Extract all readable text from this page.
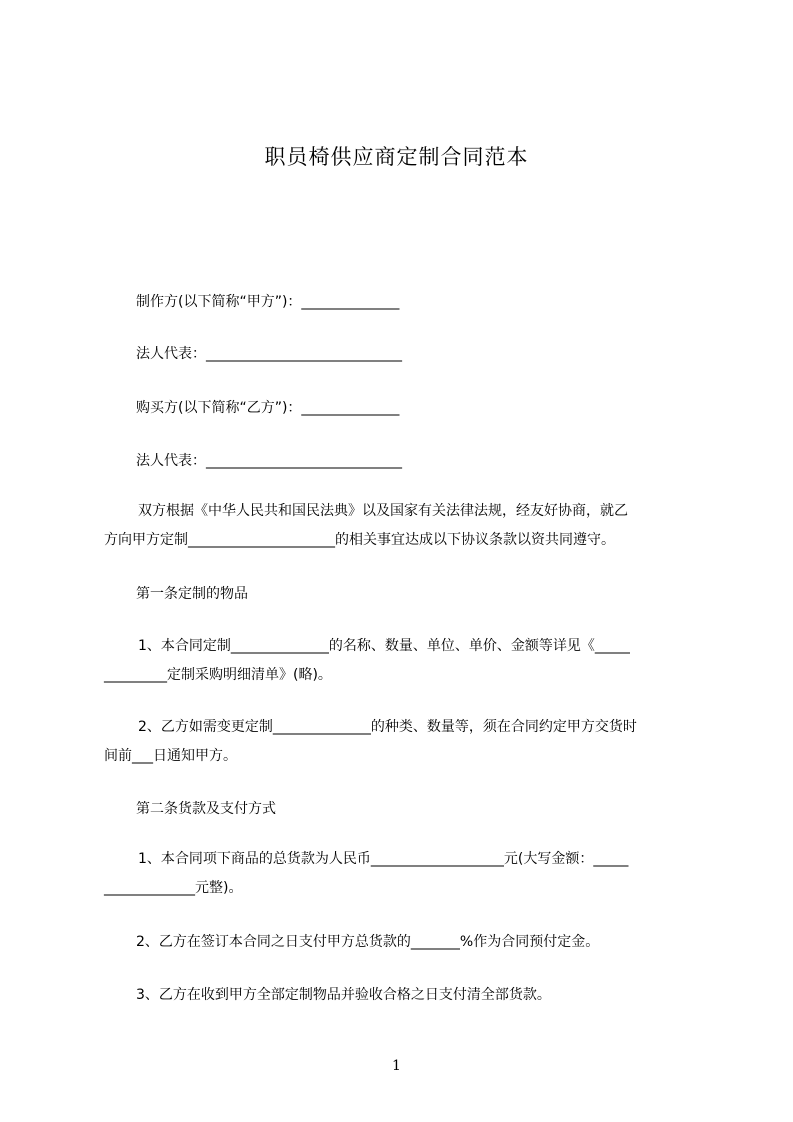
职员椅供应商定制合同范本
制作方(以下简称“甲方”)：______________
法人代表：____________________________
购买方(以下简称“乙方”)：______________
法人代表：____________________________
双方根据《中华人民共和国民法典》以及国家有关法律法规，经友好协商，就乙
方向甲方定制_____________________的相关事宜达成以下协议条款以资共同遵守。
第一条定制的物品
1、本合同定制______________的名称、数量、单位、单价、金额等详见《_____
_________定制采购明细清单》(略)。
2、乙方如需变更定制______________的种类、数量等，须在合同约定甲方交货时
间前___日通知甲方。
第二条货款及支付方式
1、本合同项下商品的总货款为人民币___________________元(大写金额：_____
_____________元整)。
2、乙方在签订本合同之日支付甲方总货款的_______%作为合同预付定金。
3、乙方在收到甲方全部定制物品并验收合格之日支付清全部货款。
1
